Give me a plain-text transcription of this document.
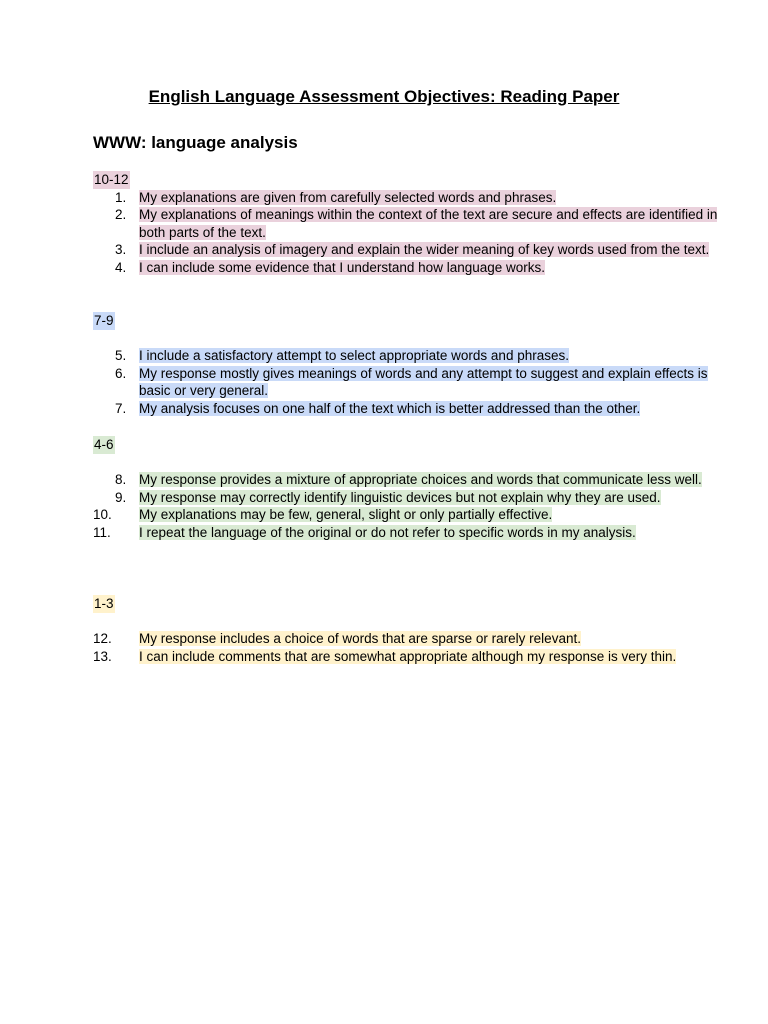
English Language Assessment Objectives: Reading Paper
WWW: language analysis
10-12
1. My explanations are given from carefully selected words and phrases.
2. My explanations of meanings within the context of the text are secure and effects are identified in both parts of the text.
3. I include an analysis of imagery and explain the wider meaning of key words used from the text.
4. I can include some evidence that I understand how language works.
7-9
5. I include a satisfactory attempt to select appropriate words and phrases.
6. My response mostly gives meanings of words and any attempt to suggest and explain effects is basic or very general.
7. My analysis focuses on one half of the text which is better addressed than the other.
4-6
8. My response provides a mixture of appropriate choices and words that communicate less well.
9. My response may correctly identify linguistic devices but not explain why they are used.
10. My explanations may be few, general, slight or only partially effective.
11. I repeat the language of the original or do not refer to specific words in my analysis.
1-3
12. My response includes a choice of words that are sparse or rarely relevant.
13. I can include comments that are somewhat appropriate although my response is very thin.
